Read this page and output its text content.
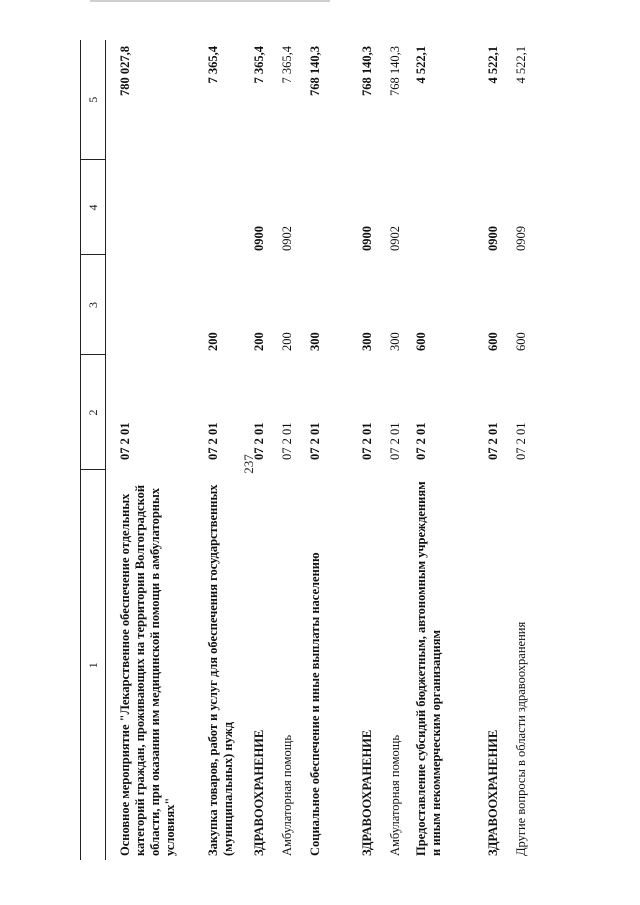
237
1	2	3	4	5
Основное мероприятие "Лекарственное обеспечение отдельных категорий граждан, проживающих на территории Волгоградской области, при оказании им медицинской помощи в амбулаторных условиях"	07 2 01			780 027,8
Закупка товаров, работ и услуг для обеспечения государственных (муниципальных) нужд	07 2 01	200		7 365,4
ЗДРАВООХРАНЕНИЕ	07 2 01	200	0900	7 365,4
Амбулаторная помощь	07 2 01	200	0902	7 365,4
Социальное обеспечение и иные выплаты населению	07 2 01	300		768 140,3
ЗДРАВООХРАНЕНИЕ	07 2 01	300	0900	768 140,3
Амбулаторная помощь	07 2 01	300	0902	768 140,3
Предоставление субсидий бюджетным, автономным учреждениям и иным некоммерческим организациям	07 2 01	600		4 522,1
ЗДРАВООХРАНЕНИЕ	07 2 01	600	0900	4 522,1
Другие вопросы в области здравоохранения	07 2 01	600	0909	4 522,1
